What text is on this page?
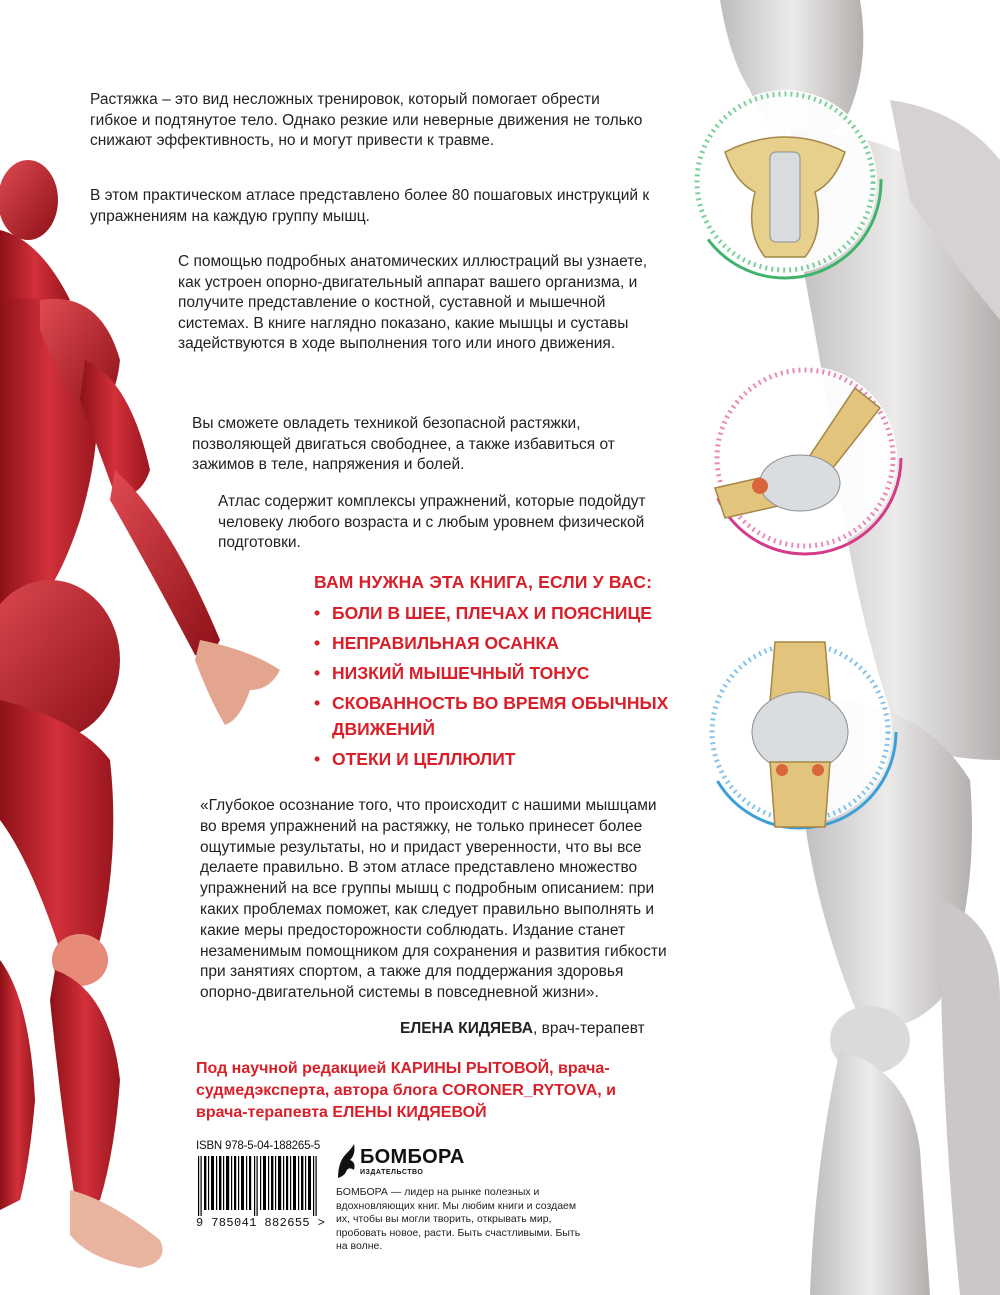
Растяжка – это вид несложных тренировок, который помогает обрести гибкое и подтянутое тело. Однако резкие или неверные движения не только снижают эффективность, но и могут привести к травме.

В этом практическом атласе представлено более 80 пошаговых инструкций к упражнениям на каждую группу мышц.

С помощью подробных анатомических иллюстраций вы узнаете, как устроен опорно-двигательный аппарат вашего организма, и получите представление о костной, суставной и мышечной системах. В книге наглядно показано, какие мышцы и суставы задействуются в ходе выполнения того или иного движения.

Вы сможете овладеть техникой безопасной растяжки, позволяющей двигаться свободнее, а также избавиться от зажимов в теле, напряжения и болей.

Атлас содержит комплексы упражнений, которые подойдут человеку любого возраста и с любым уровнем физической подготовки.

ВАМ НУЖНА ЭТА КНИГА, ЕСЛИ У ВАС:
• БОЛИ В ШЕЕ, ПЛЕЧАХ И ПОЯСНИЦЕ
• НЕПРАВИЛЬНАЯ ОСАНКА
• НИЗКИЙ МЫШЕЧНЫЙ ТОНУС
• СКОВАННОСТЬ ВО ВРЕМЯ ОБЫЧНЫХ ДВИЖЕНИЙ
• ОТЕКИ И ЦЕЛЛЮЛИТ

«Глубокое осознание того, что происходит с нашими мышцами во время упражнений на растяжку, не только принесет более ощутимые результаты, но и придаст уверенности, что вы все делаете правильно. В этом атласе представлено множество упражнений на все группы мышц с подробным описанием: при каких проблемах поможет, как следует правильно выполнять и какие меры предосторожности соблюдать. Издание станет незаменимым помощником для сохранения и развития гибкости при занятиях спортом, а также для поддержания здоровья опорно-двигательной системы в повседневной жизни».

ЕЛЕНА КИДЯЕВА, врач-терапевт

Под научной редакцией КАРИНЫ РЫТОВОЙ, врача-судмедэксперта, автора блога CORONER_RYTOVA, и врача-терапевта ЕЛЕНЫ КИДЯЕВОЙ

ISBN 978-5-04-188265-5
9 785041 882655 >
БОМБОРА
ИЗДАТЕЛЬСТВО

БОМБОРА — лидер на рынке полезных и вдохновляющих книг. Мы любим книги и создаем их, чтобы вы могли творить, открывать мир, пробовать новое, расти. Быть счастливыми. Быть на волне.
